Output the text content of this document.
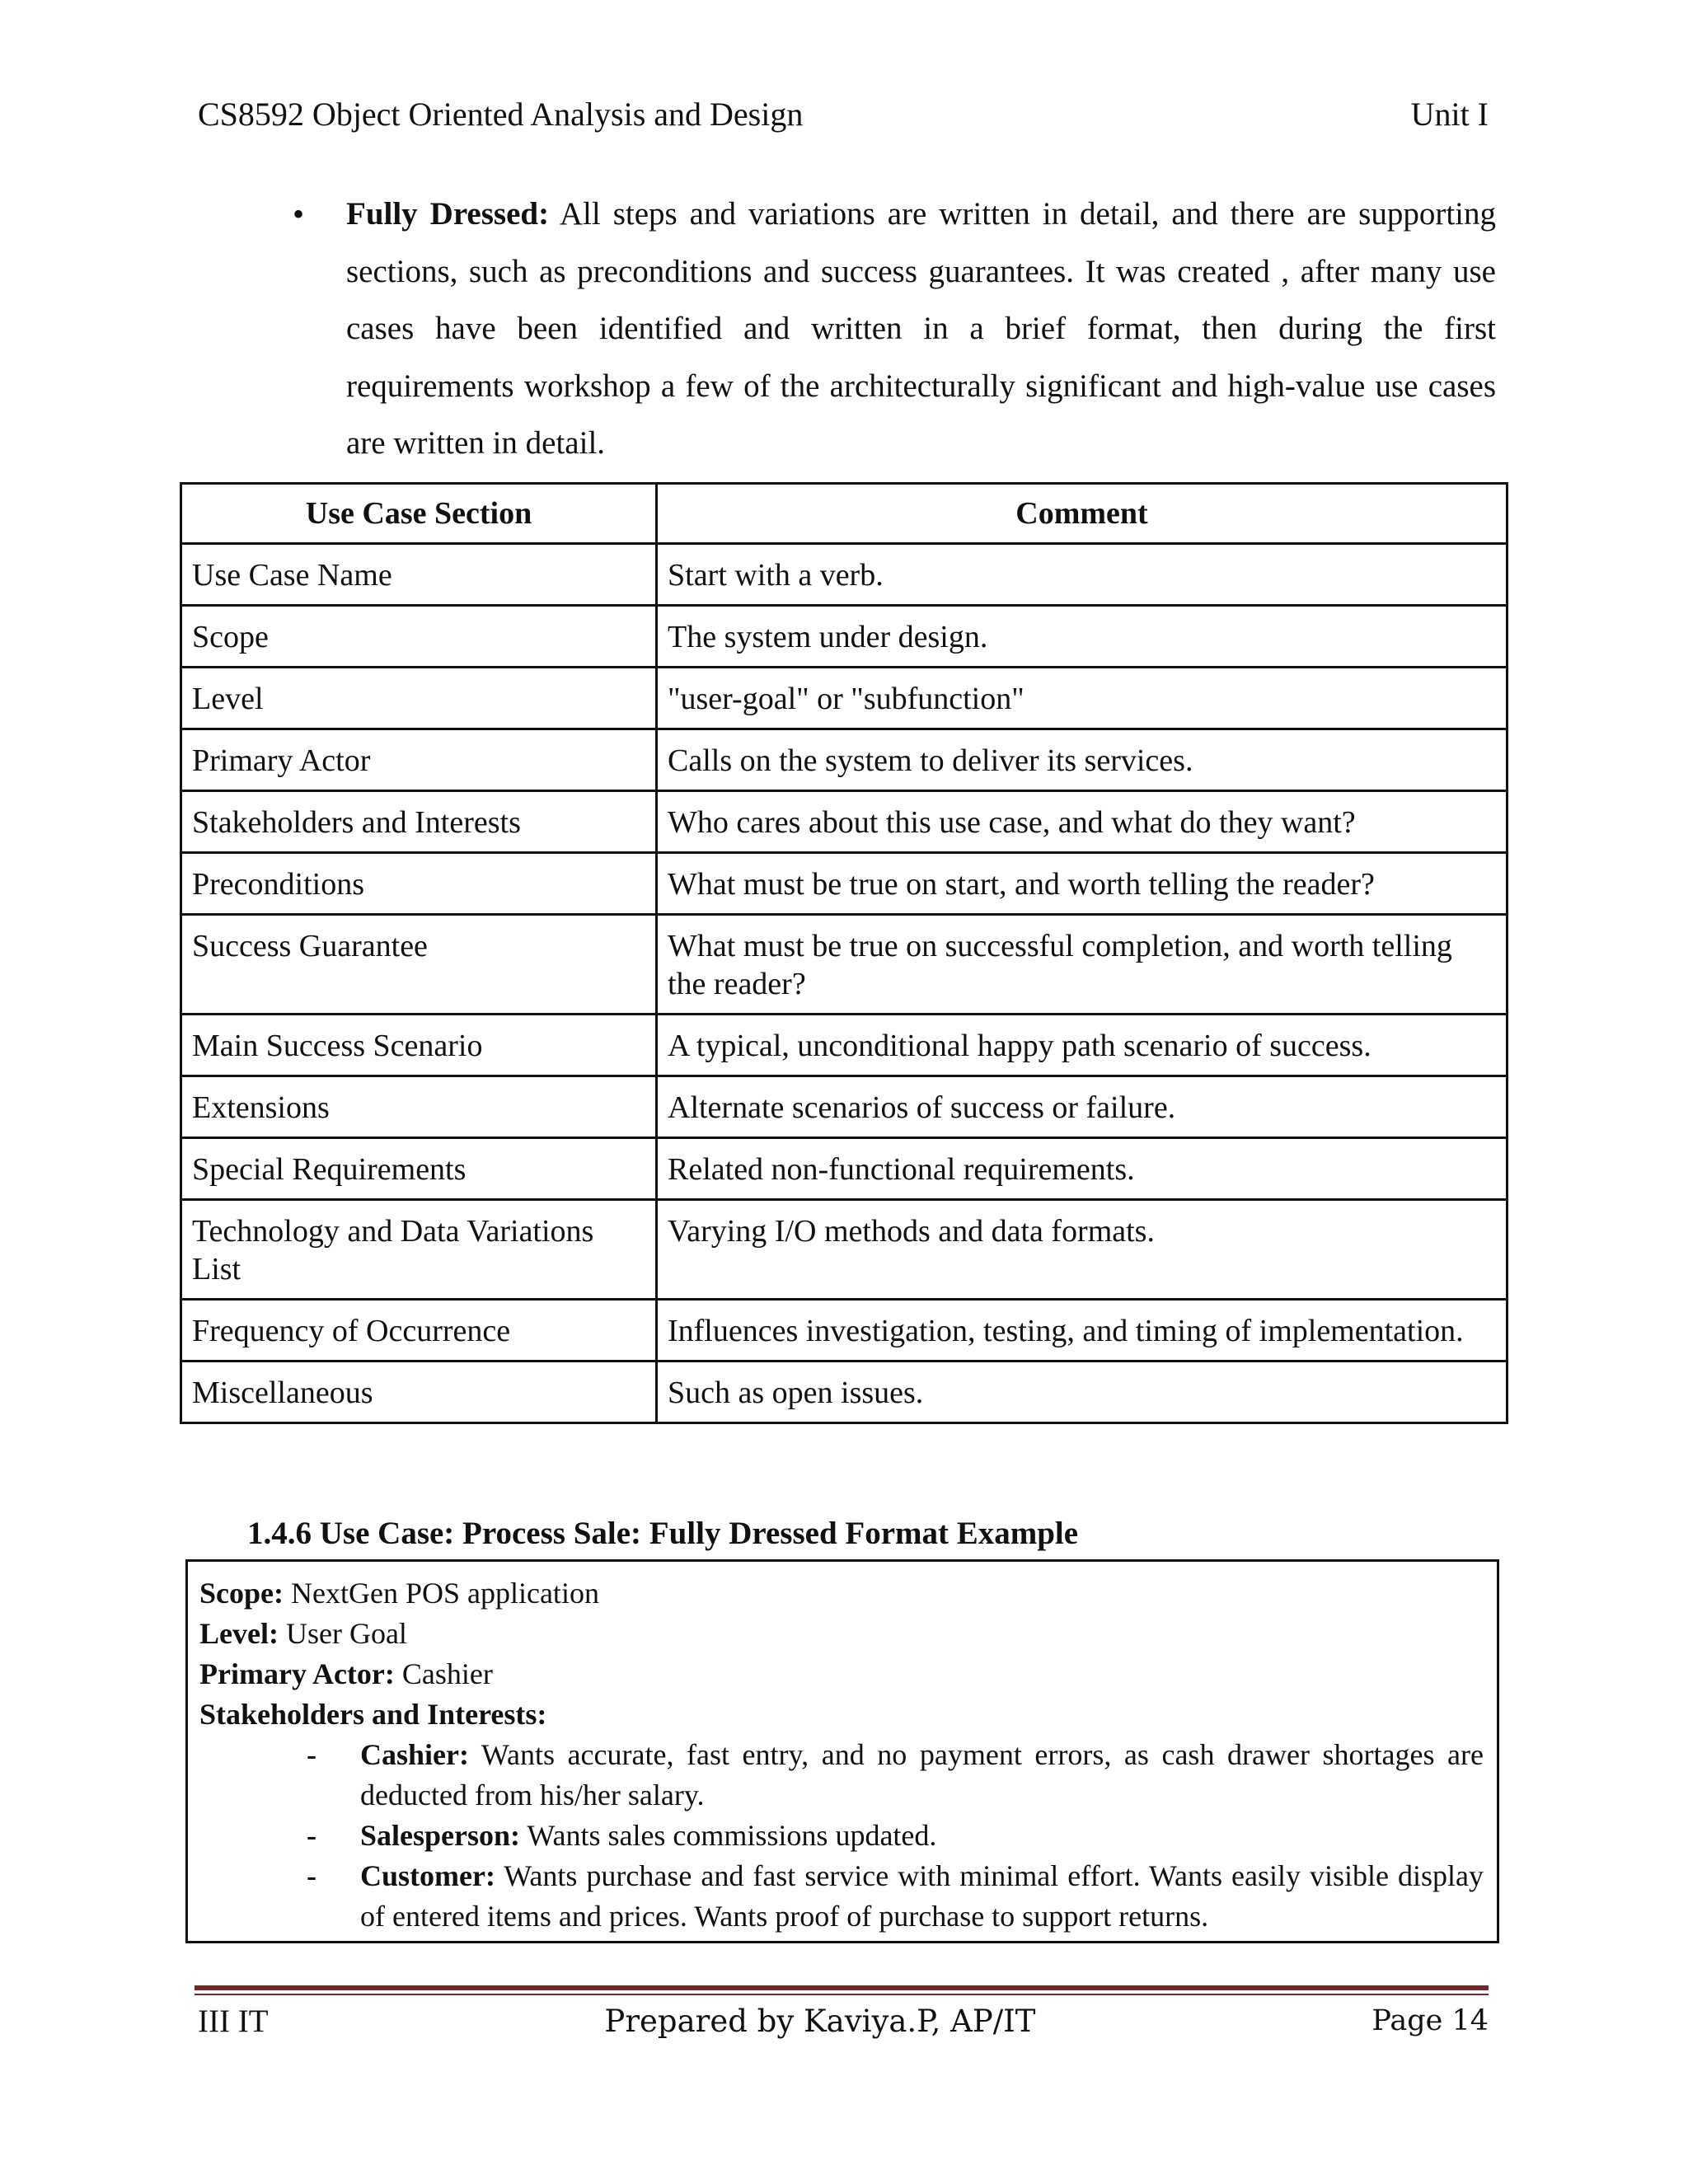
CS8592 Object Oriented Analysis and Design	Unit I
• Fully Dressed: All steps and variations are written in detail, and there are supporting sections, such as preconditions and success guarantees. It was created , after many use cases have been identified and written in a brief format, then during the first requirements workshop a few of the architecturally significant and high-value use cases are written in detail.
Use Case Section	Comment
Use Case Name	Start with a verb.
Scope	The system under design.
Level	"user-goal" or "subfunction"
Primary Actor	Calls on the system to deliver its services.
Stakeholders and Interests	Who cares about this use case, and what do they want?
Preconditions	What must be true on start, and worth telling the reader?
Success Guarantee	What must be true on successful completion, and worth telling the reader?
Main Success Scenario	A typical, unconditional happy path scenario of success.
Extensions	Alternate scenarios of success or failure.
Special Requirements	Related non-functional requirements.
Technology and Data Variations List	Varying I/O methods and data formats.
Frequency of Occurrence	Influences investigation, testing, and timing of implementation.
Miscellaneous	Such as open issues.
1.4.6 Use Case: Process Sale: Fully Dressed Format Example
Scope: NextGen POS application
Level: User Goal
Primary Actor: Cashier
Stakeholders and Interests:
- Cashier: Wants accurate, fast entry, and no payment errors, as cash drawer shortages are deducted from his/her salary.
- Salesperson: Wants sales commissions updated.
- Customer: Wants purchase and fast service with minimal effort. Wants easily visible display of entered items and prices. Wants proof of purchase to support returns.
III IT	Prepared by Kaviya.P, AP/IT	Page 14
